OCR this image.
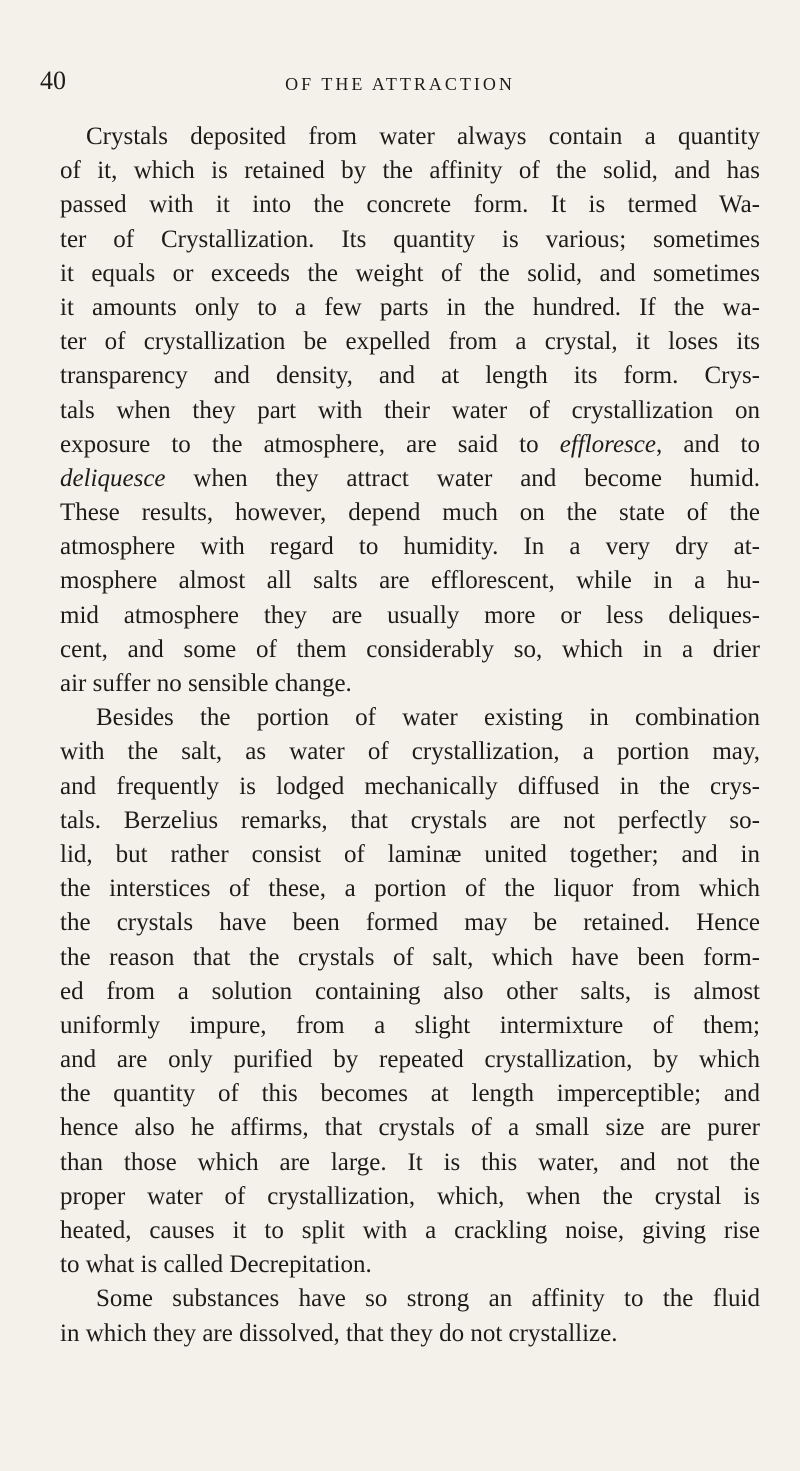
40	OF THE ATTRACTION
Crystals deposited from water always contain a quantity
of it, which is retained by the affinity of the solid, and has
passed with it into the concrete form. It is termed Wa-
ter of Crystallization. Its quantity is various; sometimes
it equals or exceeds the weight of the solid, and sometimes
it amounts only to a few parts in the hundred. If the wa-
ter of crystallization be expelled from a crystal, it loses its
transparency and density, and at length its form. Crys-
tals when they part with their water of crystallization on
exposure to the atmosphere, are said to effloresce, and to
deliquesce when they attract water and become humid.
These results, however, depend much on the state of the
atmosphere with regard to humidity. In a very dry at-
mosphere almost all salts are efflorescent, while in a hu-
mid atmosphere they are usually more or less deliques-
cent, and some of them considerably so, which in a drier
air suffer no sensible change.
Besides the portion of water existing in combination
with the salt, as water of crystallization, a portion may,
and frequently is lodged mechanically diffused in the crys-
tals. Berzelius remarks, that crystals are not perfectly so-
lid, but rather consist of laminæ united together; and in
the interstices of these, a portion of the liquor from which
the crystals have been formed may be retained. Hence
the reason that the crystals of salt, which have been form-
ed from a solution containing also other salts, is almost
uniformly impure, from a slight intermixture of them;
and are only purified by repeated crystallization, by which
the quantity of this becomes at length imperceptible; and
hence also he affirms, that crystals of a small size are purer
than those which are large. It is this water, and not the
proper water of crystallization, which, when the crystal is
heated, causes it to split with a crackling noise, giving rise
to what is called Decrepitation.
Some substances have so strong an affinity to the fluid
in which they are dissolved, that they do not crystallize.
